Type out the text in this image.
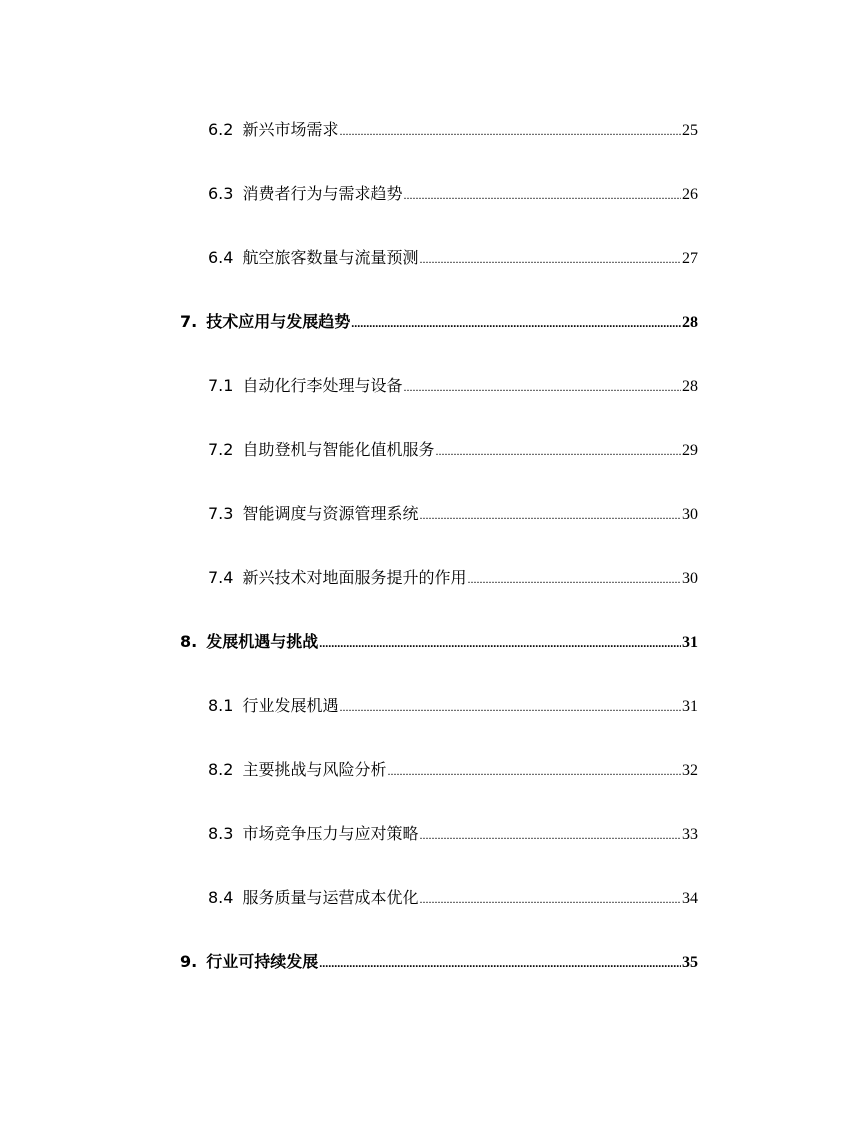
6.2 新兴市场需求 .....	25
6.3 消费者行为与需求趋势 .....	26
6.4 航空旅客数量与流量预测 .....	27
7. 技术应用与发展趋势 .....	28
7.1 自动化行李处理与设备 .....	28
7.2 自助登机与智能化值机服务 .....	29
7.3 智能调度与资源管理系统 .....	30
7.4 新兴技术对地面服务提升的作用 .....	30
8. 发展机遇与挑战 .....	31
8.1 行业发展机遇 .....	31
8.2 主要挑战与风险分析 .....	32
8.3 市场竞争压力与应对策略 .....	33
8.4 服务质量与运营成本优化 .....	34
9. 行业可持续发展 .....	35
